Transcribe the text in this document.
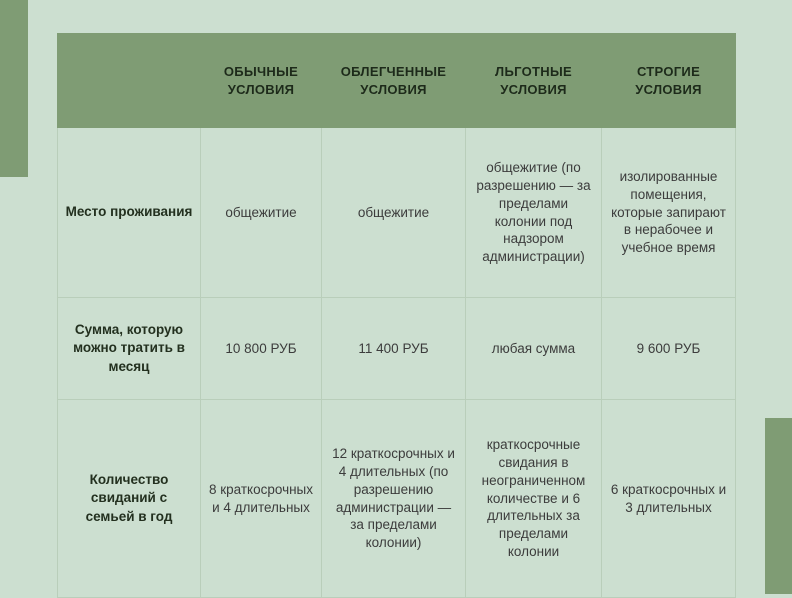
	ОБЫЧНЫЕ УСЛОВИЯ	ОБЛЕГЧЕННЫЕ УСЛОВИЯ	ЛЬГОТНЫЕ УСЛОВИЯ	СТРОГИЕ УСЛОВИЯ
Место проживания	общежитие	общежитие	общежитие (по разрешению — за пределами колонии под надзором администрации)	изолированные помещения, которые запирают в нерабочее и учебное время
Сумма, которую можно тратить в месяц	10 800 РУБ	11 400 РУБ	любая сумма	9 600 РУБ
Количество свиданий с семьей в год	8 краткосрочных и 4 длительных	12 краткосрочных и 4 длительных (по разрешению администрации — за пределами колонии)	краткосрочные свидания в неограниченном количестве и 6 длительных за пределами колонии	6 краткосрочных и 3 длительных
